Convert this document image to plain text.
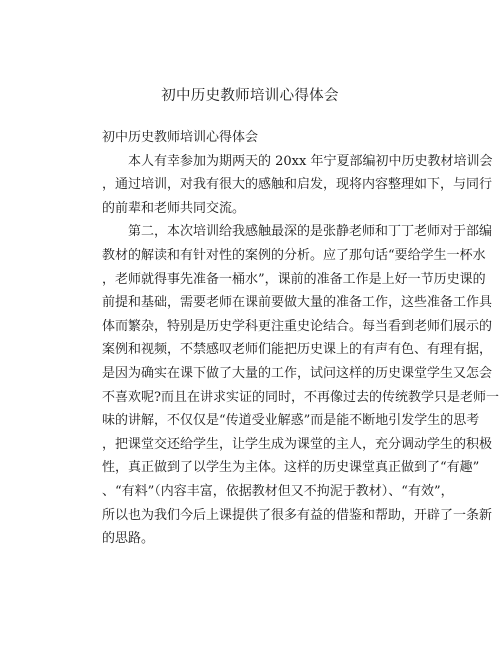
初中历史教师培训心得体会
初中历史教师培训心得体会
　　本人有幸参加为期两天的 20xx 年宁夏部编初中历史教材培训会
，通过培训，对我有很大的感触和启发，现将内容整理如下，与同行
的前辈和老师共同交流。
　　第二，本次培训给我感触最深的是张静老师和丁丁老师对于部编
教材的解读和有针对性的案例的分析。应了那句话“要给学生一杯水
，老师就得事先准备一桶水”，课前的准备工作是上好一节历史课的
前提和基础，需要老师在课前要做大量的准备工作，这些准备工作具
体而繁杂，特别是历史学科更注重史论结合。每当看到老师们展示的
案例和视频，不禁感叹老师们能把历史课上的有声有色、有理有据，
是因为确实在课下做了大量的工作，试问这样的历史课堂学生又怎会
不喜欢呢?而且在讲求实证的同时，不再像过去的传统教学只是老师一
味的讲解，不仅仅是“传道受业解惑”而是能不断地引发学生的思考
，把课堂交还给学生，让学生成为课堂的主人，充分调动学生的积极
性，真正做到了以学生为主体。这样的历史课堂真正做到了“有趣”
、“有料”（内容丰富，依据教材但又不拘泥于教材）、“有效”，
所以也为我们今后上课提供了很多有益的借鉴和帮助，开辟了一条新
的思路。
